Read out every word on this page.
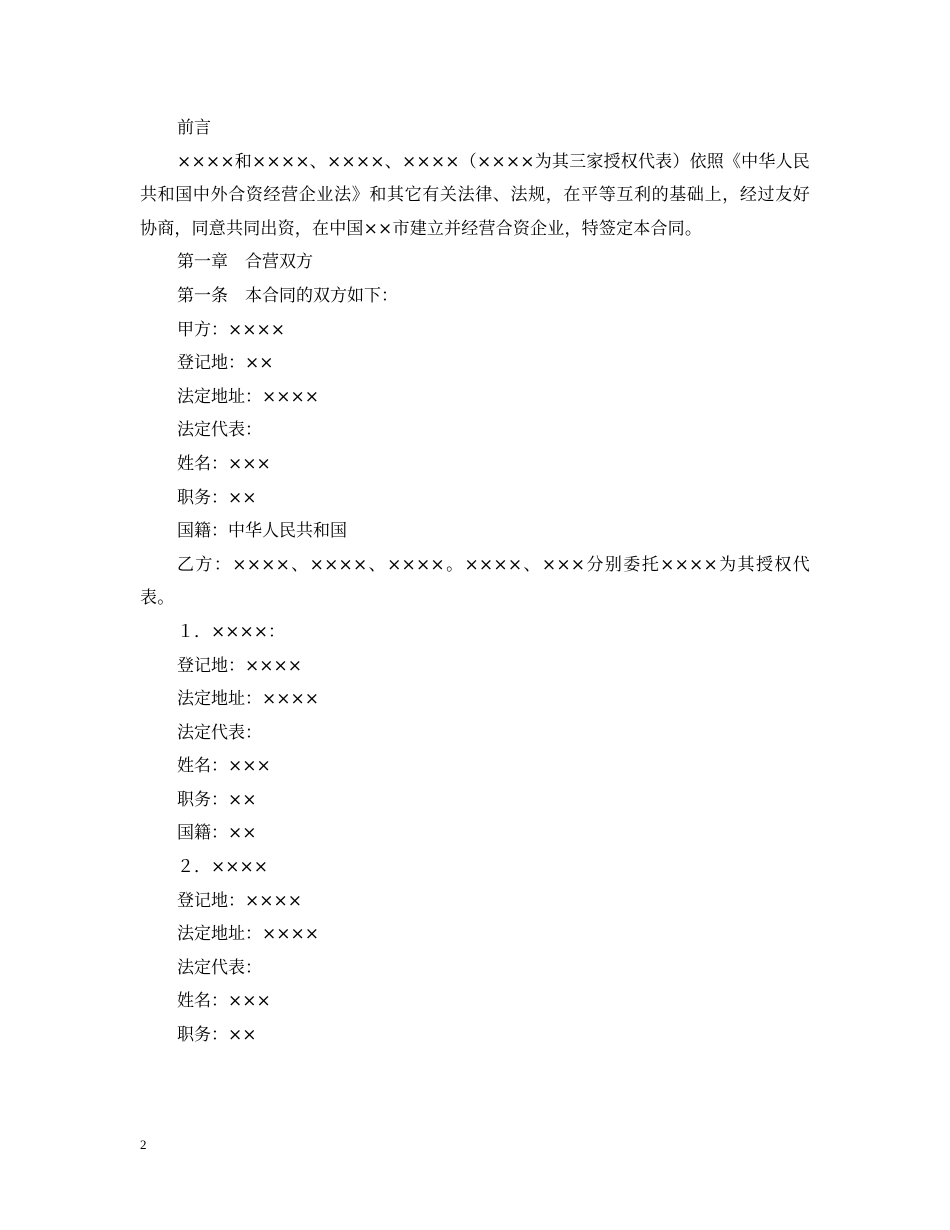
前言

××××和××××、××××、××××（××××为其三家授权代表）依照《中华人民共和国中外合资经营企业法》和其它有关法律、法规，在平等互利的基础上，经过友好协商，同意共同出资，在中国××市建立并经营合资企业，特签定本合同。

第一章　合营双方

第一条　本合同的双方如下：

甲方：××××

登记地：××

法定地址：××××

法定代表：

姓名：×××

职务：××

国籍：中华人民共和国

乙方：××××、××××、××××。××××、×××分别委托××××为其授权代表。

１．××××：

登记地：××××

法定地址：××××

法定代表：

姓名：×××

职务：××

国籍：××

２．××××

登记地：××××

法定地址：××××

法定代表：

姓名：×××

职务：××

2
